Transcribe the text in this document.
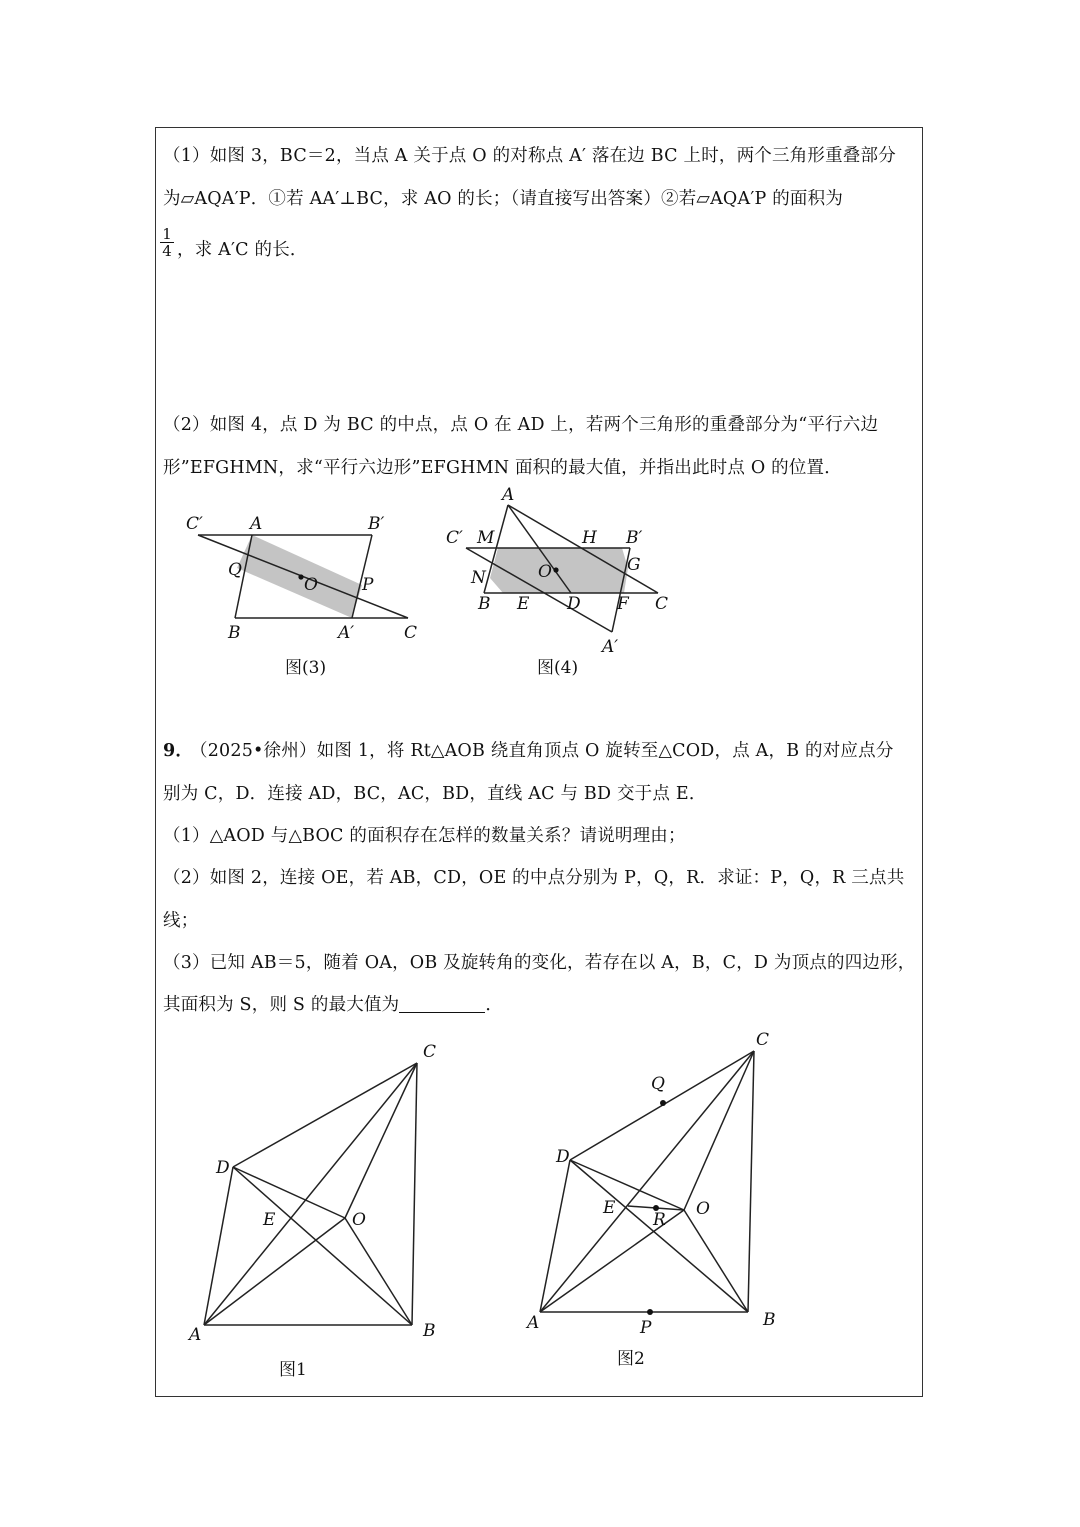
（1）如图 3，BC＝2，当点 A 关于点 O 的对称点 A′ 落在边 BC 上时，两个三角形重叠部分
为▱AQA′P．①若 AA′⊥BC，求 AO 的长；（请直接写出答案）②若▱AQA′P 的面积为
$\frac{1}{4}$ ，求 A′C 的长．
（2）如图 4，点 D 为 BC 的中点，点 O 在 AD 上，若两个三角形的重叠部分为“平行六边
形”EFGHMN，求“平行六边形”EFGHMN 面积的最大值，并指出此时点 O 的位置．
C′	A	B′
Q
O	P
B	A′	C
图(3)
A
C′ M	H B′
N	O	G
B E D F C
A′
图(4)
9．
（2025•徐州）如图 1，将 Rt△AOB 绕直角顶点 O 旋转至△COD，点 A，B 的对应点分
别为 C，D．连接 AD，BC，AC，BD，直线 AC 与 BD 交于点 E．
（1）△AOD 与△BOC 的面积存在怎样的数量关系？请说明理由；
（2）如图 2，连接 OE，若 AB，CD，OE 的中点分别为 P，Q，R．求证：P，Q，R 三点共
线；
（3）已知 AB＝5，随着 OA，OB 及旋转角的变化，若存在以 A，B，C，D 为顶点的四边形，
其面积为 S，则 S 的最大值为	．
C
D
E	O
A	B
图1
C
Q
D
E
R
O
A	P	B
图2
